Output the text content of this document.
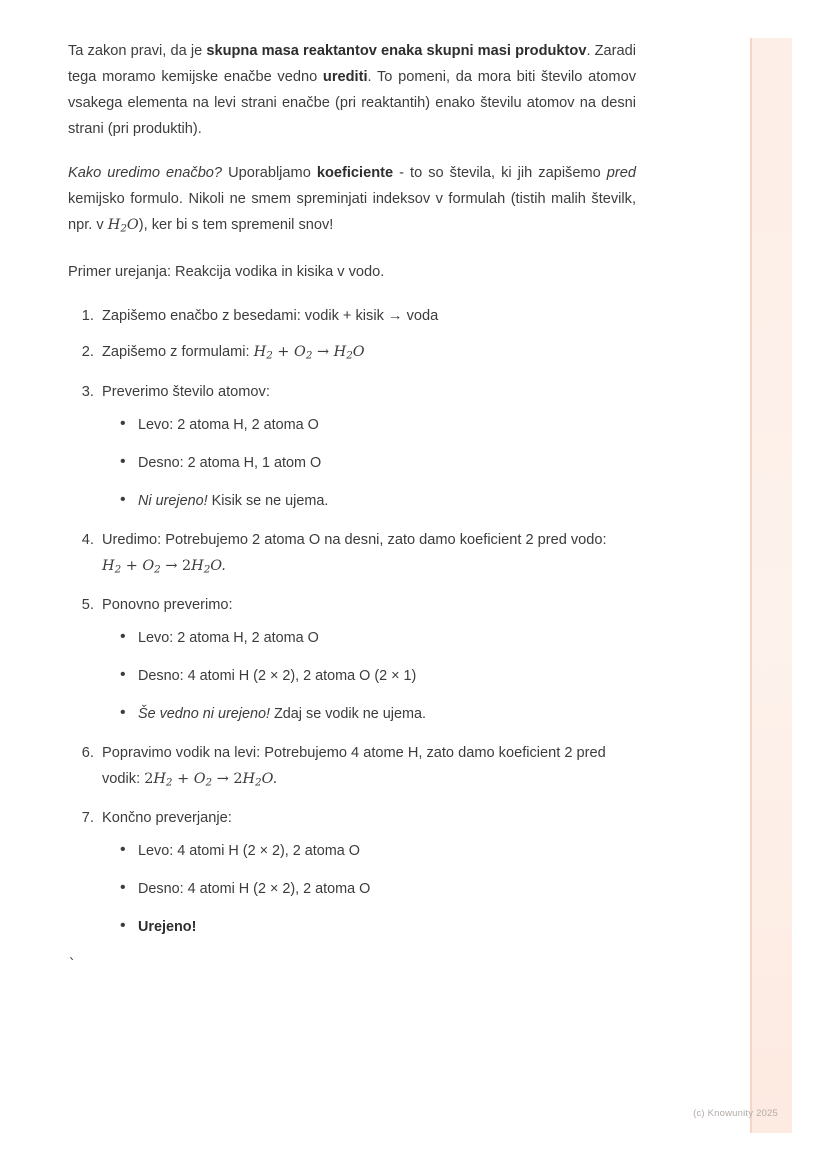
Ta zakon pravi, da je skupna masa reaktantov enaka skupni masi produktov. Zaradi tega moramo kemijske enačbe vedno urediti. To pomeni, da mora biti število atomov vsakega elementa na levi strani enačbe (pri reaktantih) enako številu atomov na desni strani (pri produktih).

Kako uredimo enačbo? Uporabljamo koeficiente - to so števila, ki jih zapišemo pred kemijsko formulo. Nikoli ne smem spreminjati indeksov v formulah (tistih malih številk, npr. v $H_2O$), ker bi s tem spremenil snov!

Primer urejanja: Reakcija vodika in kisika v vodo.

1. Zapišemo enačbo z besedami: vodik + kisik → voda
2. Zapišemo z formulami: $H_2 + O_2 \to H_2O$
3. Preverimo število atomov:
• Levo: 2 atoma H, 2 atoma O
• Desno: 2 atoma H, 1 atom O
• Ni urejeno! Kisik se ne ujema.
4. Uredimo: Potrebujemo 2 atoma O na desni, zato damo koeficient 2 pred vodo: $H_2 + O_2 \to 2H_2O$.
5. Ponovno preverimo:
• Levo: 2 atoma H, 2 atoma O
• Desno: 4 atomi H (2 × 2), 2 atoma O (2 × 1)
• Še vedno ni urejeno! Zdaj se vodik ne ujema.
6. Popravimo vodik na levi: Potrebujemo 4 atome H, zato damo koeficient 2 pred vodik: $2H_2 + O_2 \to 2H_2O$.
7. Končno preverjanje:
• Levo: 4 atomi H (2 × 2), 2 atoma O
• Desno: 4 atomi H (2 × 2), 2 atoma O
• Urejeno!
`
(c) Knowunity 2025
